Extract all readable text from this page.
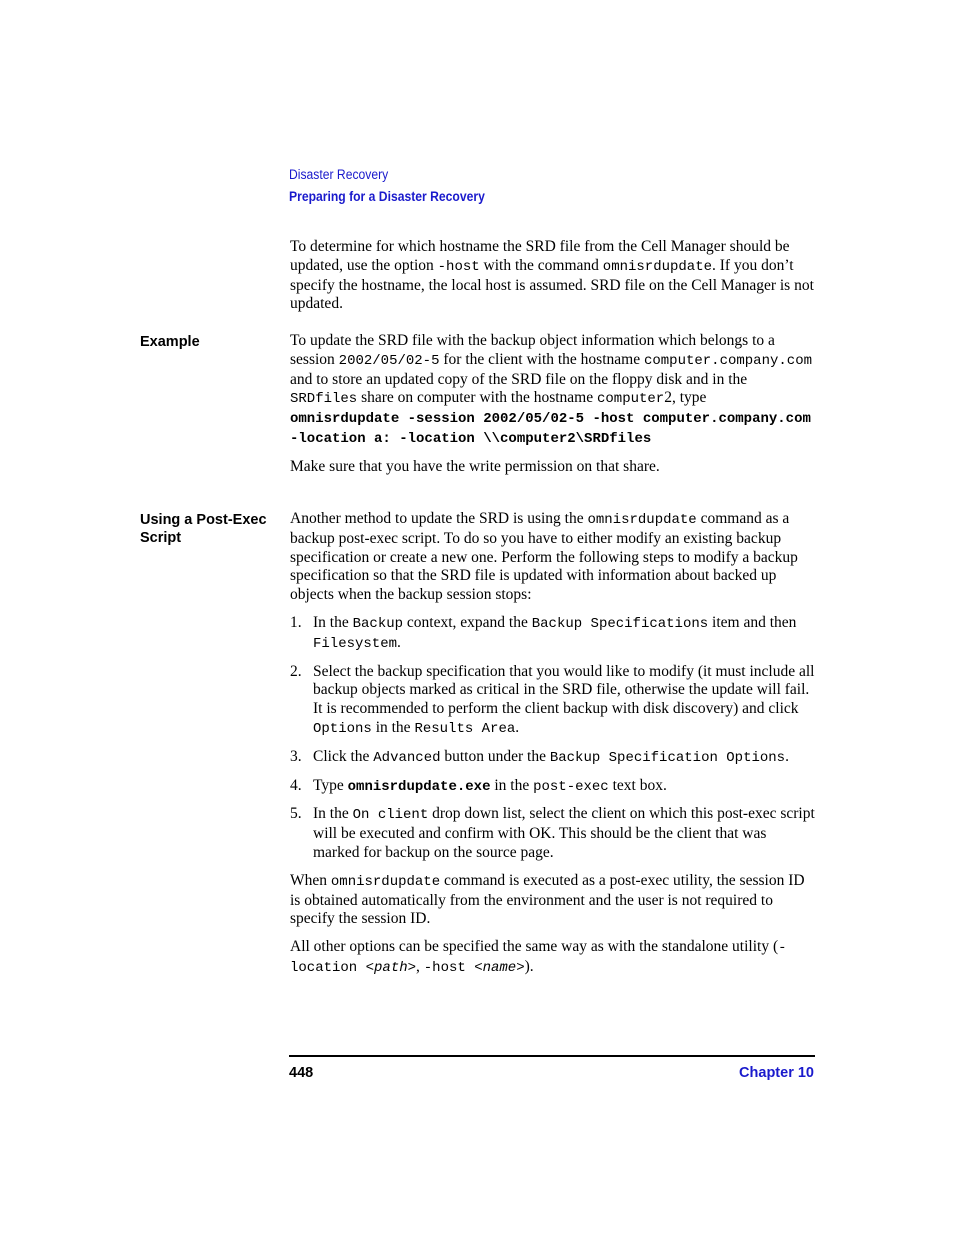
Disaster Recovery
Preparing for a Disaster Recovery

To determine for which hostname the SRD file from the Cell Manager should be updated, use the option -host with the command omnisrdupdate. If you don’t specify the hostname, the local host is assumed. SRD file on the Cell Manager is not updated.

Example	To update the SRD file with the backup object information which belongs to a session 2002/05/02-5 for the client with the hostname computer.company.com and to store an updated copy of the SRD file on the floppy disk and in the SRDfiles share on computer with the hostname computer2, type omnisrdupdate -session 2002/05/02-5 -host computer.company.com -location a: -location \\computer2\SRDfiles

Make sure that you have the write permission on that share.

Using a Post-Exec Script

Another method to update the SRD is using the omnisrdupdate command as a backup post-exec script. To do so you have to either modify an existing backup specification or create a new one. Perform the following steps to modify a backup specification so that the SRD file is updated with information about backed up objects when the backup session stops:

1. In the Backup context, expand the Backup Specifications item and then Filesystem.
2. Select the backup specification that you would like to modify (it must include all backup objects marked as critical in the SRD file, otherwise the update will fail. It is recommended to perform the client backup with disk discovery) and click Options in the Results Area.
3. Click the Advanced button under the Backup Specification Options.
4. Type omnisrdupdate.exe in the post-exec text box.
5. In the On client drop down list, select the client on which this post-exec script will be executed and confirm with OK. This should be the client that was marked for backup on the source page.

When omnisrdupdate command is executed as a post-exec utility, the session ID is obtained automatically from the environment and the user is not required to specify the session ID.

All other options can be specified the same way as with the standalone utility (-location <path>, -host <name>).

448	Chapter 10
